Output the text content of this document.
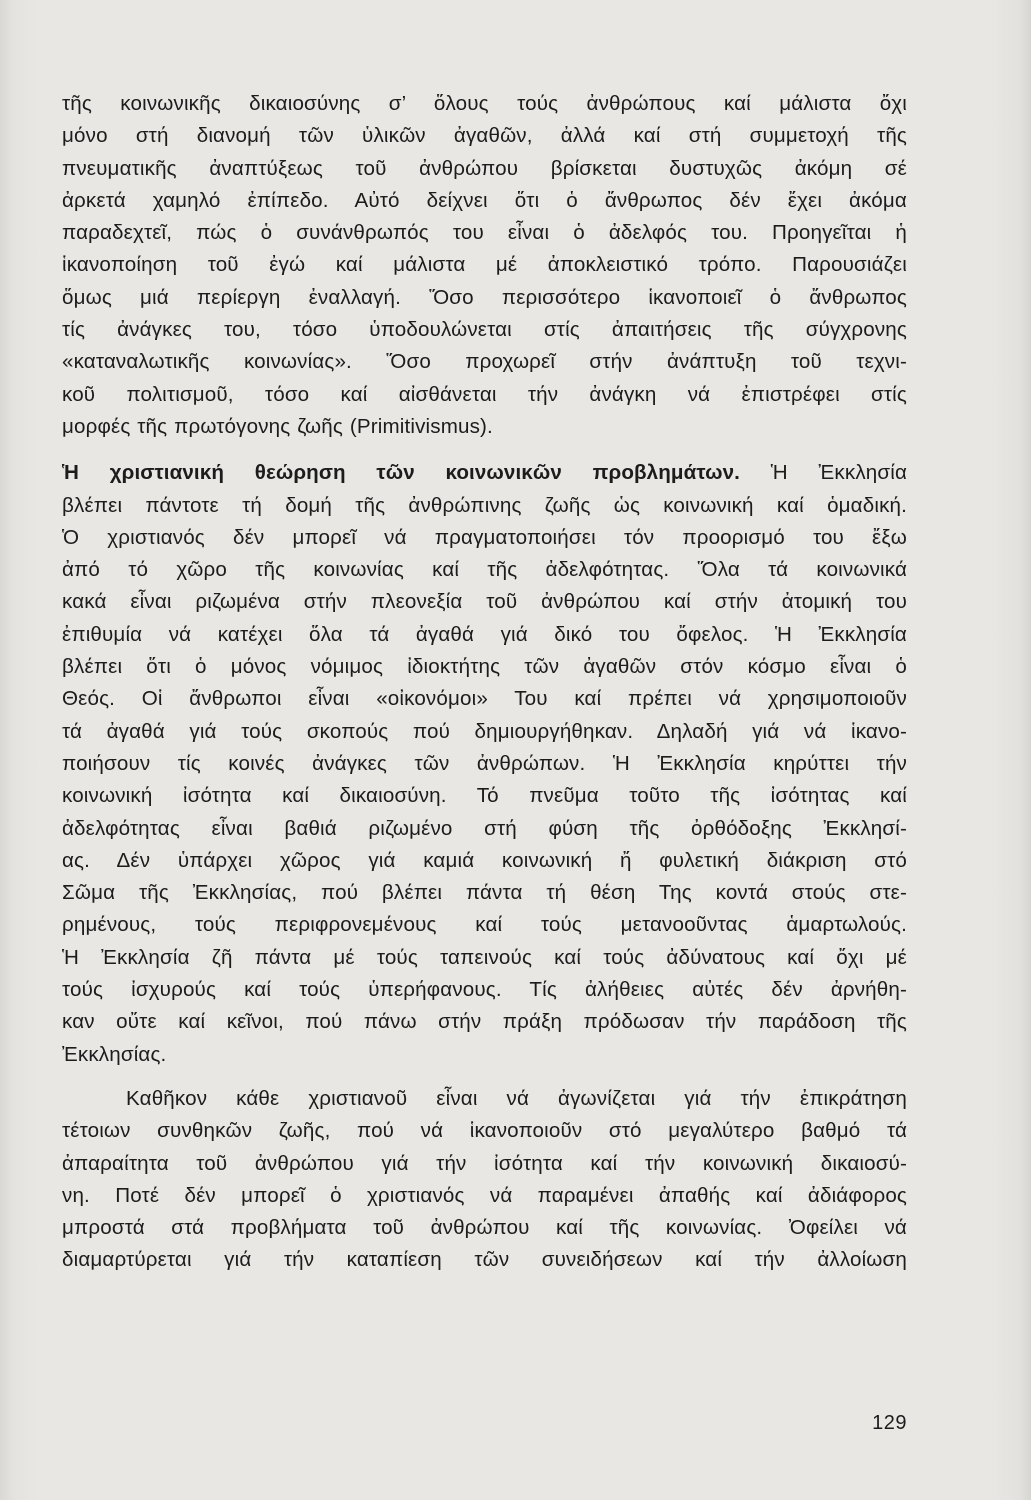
τῆς κοινωνικῆς δικαιοσύνης σ’ ὅλους τούς ἀνθρώπους καί μάλιστα ὄχι
μόνο στή διανομή τῶν ὑλικῶν ἀγαθῶν, ἀλλά καί στή συμμετοχή τῆς
πνευματικῆς ἀναπτύξεως τοῦ ἀνθρώπου βρίσκεται δυστυχῶς ἀκόμη σέ
ἀρκετά χαμηλό ἐπίπεδο. Αὐτό δείχνει ὅτι ὁ ἄνθρωπος δέν ἔχει ἀκόμα
παραδεχτεῖ, πώς ὁ συνάνθρωπός του εἶναι ὁ ἀδελφός του. Προηγεῖται ἡ
ἱκανοποίηση τοῦ ἐγώ καί μάλιστα μέ ἀποκλειστικό τρόπο. Παρουσιάζει
ὅμως μιά περίεργη ἐναλλαγή. Ὅσο περισσότερο ἱκανοποιεῖ ὁ ἄνθρωπος
τίς ἀνάγκες του, τόσο ὑποδουλώνεται στίς ἀπαιτήσεις τῆς σύγχρονης
«καταναλωτικῆς κοινωνίας». Ὅσο προχωρεῖ στήν ἀνάπτυξη τοῦ τεχνι-
κοῦ πολιτισμοῦ, τόσο καί αἰσθάνεται τήν ἀνάγκη νά ἐπιστρέφει στίς
μορφές τῆς πρωτόγονης ζωῆς (Primitivismus).
Ἡ χριστιανική θεώρηση τῶν κοινωνικῶν προβλημάτων. Ἡ Ἐκκλησία
βλέπει πάντοτε τή δομή τῆς ἀνθρώπινης ζωῆς ὡς κοινωνική καί ὁμαδική.
Ὁ χριστιανός δέν μπορεῖ νά πραγματοποιήσει τόν προορισμό του ἔξω
ἀπό τό χῶρο τῆς κοινωνίας καί τῆς ἀδελφότητας. Ὅλα τά κοινωνικά
κακά εἶναι ριζωμένα στήν πλεονεξία τοῦ ἀνθρώπου καί στήν ἀτομική του
ἐπιθυμία νά κατέχει ὅλα τά ἀγαθά γιά δικό του ὄφελος. Ἡ Ἐκκλησία
βλέπει ὅτι ὁ μόνος νόμιμος ἰδιοκτήτης τῶν ἀγαθῶν στόν κόσμο εἶναι ὁ
Θεός. Οἱ ἄνθρωποι εἶναι «οἰκονόμοι» Του καί πρέπει νά χρησιμοποιοῦν
τά ἀγαθά γιά τούς σκοπούς πού δημιουργήθηκαν. Δηλαδή γιά νά ἱκανο-
ποιήσουν τίς κοινές ἀνάγκες τῶν ἀνθρώπων. Ἡ Ἐκκλησία κηρύττει τήν
κοινωνική ἰσότητα καί δικαιοσύνη. Τό πνεῦμα τοῦτο τῆς ἰσότητας καί
ἀδελφότητας εἶναι βαθιά ριζωμένο στή φύση τῆς ὀρθόδοξης Ἐκκλησί-
ας. Δέν ὑπάρχει χῶρος γιά καμιά κοινωνική ἤ φυλετική διάκριση στό
Σῶμα τῆς Ἐκκλησίας, πού βλέπει πάντα τή θέση Της κοντά στούς στε-
ρημένους, τούς περιφρονεμένους καί τούς μετανοοῦντας ἁμαρτωλούς.
Ἡ Ἐκκλησία ζῆ πάντα μέ τούς ταπεινούς καί τούς ἀδύνατους καί ὄχι μέ
τούς ἰσχυρούς καί τούς ὑπερήφανους. Τίς ἀλήθειες αὐτές δέν ἀρνήθη-
καν οὔτε καί κεῖνοι, πού πάνω στήν πράξη πρόδωσαν τήν παράδοση τῆς
Ἐκκλησίας.
Καθῆκον κάθε χριστιανοῦ εἶναι νά ἀγωνίζεται γιά τήν ἐπικράτηση
τέτοιων συνθηκῶν ζωῆς, πού νά ἱκανοποιοῦν στό μεγαλύτερο βαθμό τά
ἀπαραίτητα τοῦ ἀνθρώπου γιά τήν ἰσότητα καί τήν κοινωνική δικαιοσύ-
νη. Ποτέ δέν μπορεῖ ὁ χριστιανός νά παραμένει ἀπαθής καί ἀδιάφορος
μπροστά στά προβλήματα τοῦ ἀνθρώπου καί τῆς κοινωνίας. Ὀφείλει νά
διαμαρτύρεται γιά τήν καταπίεση τῶν συνειδήσεων καί τήν ἀλλοίωση
129
